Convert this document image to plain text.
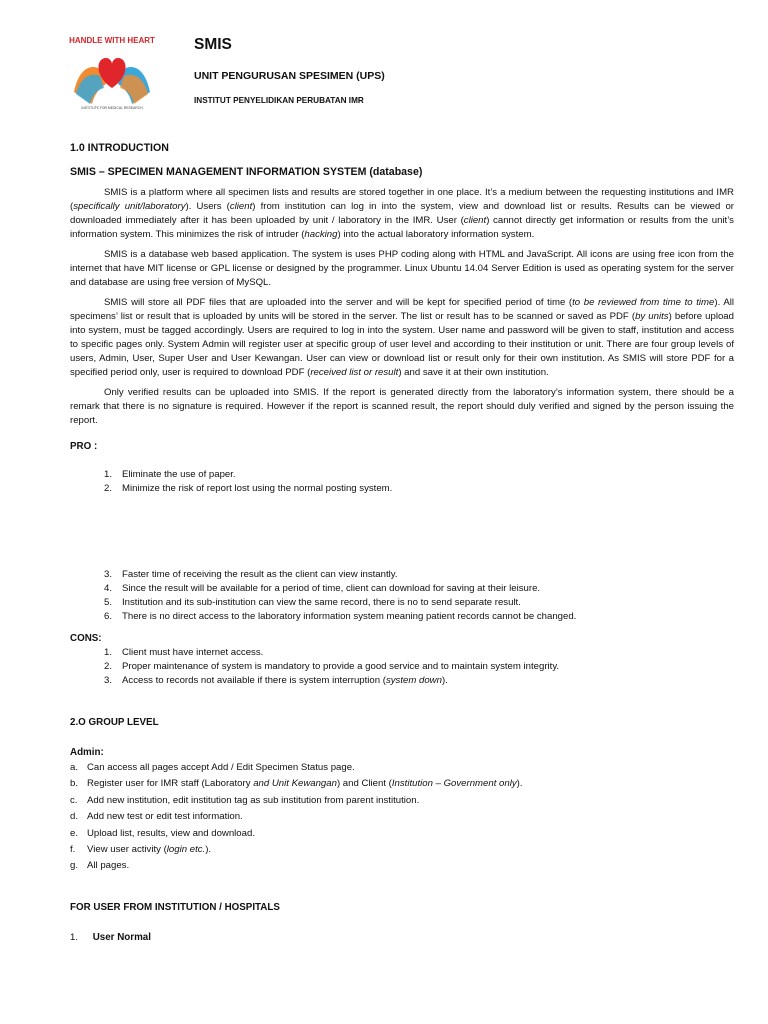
HANDLE WITH HEART
INSTITUTE FOR MEDICAL RESEARCH
SMIS
UNIT PENGURUSAN SPESIMEN (UPS)
INSTITUT PENYELIDIKAN PERUBATAN IMR
1.0 INTRODUCTION
SMIS – SPECIMEN MANAGEMENT INFORMATION SYSTEM (database)

SMIS is a platform where all specimen lists and results are stored together in one place. It’s a medium between the requesting institutions and IMR (specifically unit/laboratory). Users (client) from institution can log in into the system, view and download list or results. Results can be viewed or downloaded immediately after it has been uploaded by unit / laboratory in the IMR. User (client) cannot directly get information or results from the unit’s information system. This minimizes the risk of intruder (hacking) into the actual laboratory information system.

SMIS is a database web based application. The system is uses PHP coding along with HTML and JavaScript. All icons are using free icon from the internet that have MIT license or GPL license or designed by the programmer. Linux Ubuntu 14.04 Server Edition is used as operating system for the server and database are using free version of MySQL.

SMIS will store all PDF files that are uploaded into the server and will be kept for specified period of time (to be reviewed from time to time). All specimens’ list or result that is uploaded by units will be stored in the server. The list or result has to be scanned or saved as PDF (by units) before upload into system, must be tagged accordingly. Users are required to log in into the system. User name and password will be given to staff, institution and access to specific pages only. System Admin will register user at specific group of user level and according to their institution or unit. There are four group levels of users, Admin, User, Super User and User Kewangan. User can view or download list or result only for their own institution. As SMIS will store PDF for a specified period only, user is required to download PDF (received list or result) and save it at their own institution.

Only verified results can be uploaded into SMIS. If the report is generated directly from the laboratory’s information system, there should be a remark that there is no signature is required. However if the report is scanned result, the report should duly verified and signed by the person issuing the report.

PRO :
1. Eliminate the use of paper.
2. Minimize the risk of report lost using the normal posting system.
3. Faster time of receiving the result as the client can view instantly.
4. Since the result will be available for a period of time, client can download for saving at their leisure.
5. Institution and its sub-institution can view the same record, there is no to send separate result.
6. There is no direct access to the laboratory information system meaning patient records cannot be changed.
CONS:
1. Client must have internet access.
2. Proper maintenance of system is mandatory to provide a good service and to maintain system integrity.
3. Access to records not available if there is system interruption (system down).
2.O GROUP LEVEL
Admin:
a. Can access all pages accept Add / Edit Specimen Status page.
b. Register user for IMR staff (Laboratory and Unit Kewangan) and Client (Institution – Government only).
c. Add new institution, edit institution tag as sub institution from parent institution.
d. Add new test or edit test information.
e. Upload list, results, view and download.
f. View user activity (login etc.).
g. All pages.
FOR USER FROM INSTITUTION / HOSPITALS
1. User Normal
